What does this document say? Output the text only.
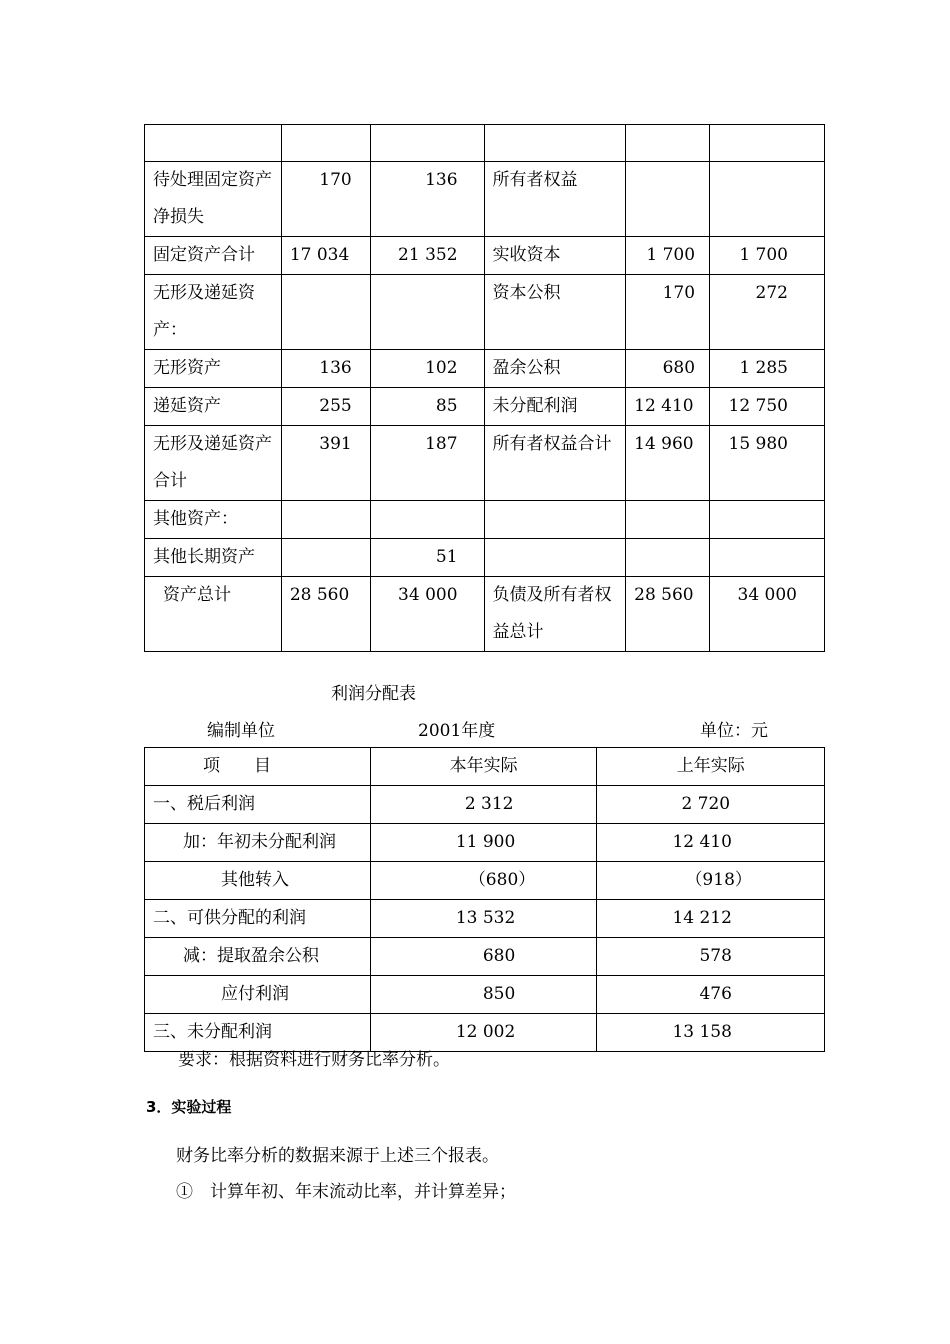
待处理固定资产净损失	170	136	所有者权益		
固定资产合计	17 034	21 352	实收资本	1 700	1 700
无形及递延资产：			资本公积	170	272
无形资产	136	102	盈余公积	680	1 285
递延资产	255	85	未分配利润	12 410	12 750
无形及递延资产合计	391	187	所有者权益合计	14 960	15 980
其他资产：					
其他长期资产		51			
资产总计	28 560	34 000	负债及所有者权益总计	28 560	34 000
利润分配表
编制单位	2001年度	单位：元
项　　目	本年实际	上年实际
一、税后利润	2 312	2 720
加：年初未分配利润	11 900	12 410
其他转入	（680）	（918）
二、可供分配的利润	13 532	14 212
减：提取盈余公积	680	578
应付利润	850	476
三、未分配利润	12 002	13 158
要求：根据资料进行财务比率分析。
3．实验过程
财务比率分析的数据来源于上述三个报表。
①　计算年初、年末流动比率，并计算差异；
